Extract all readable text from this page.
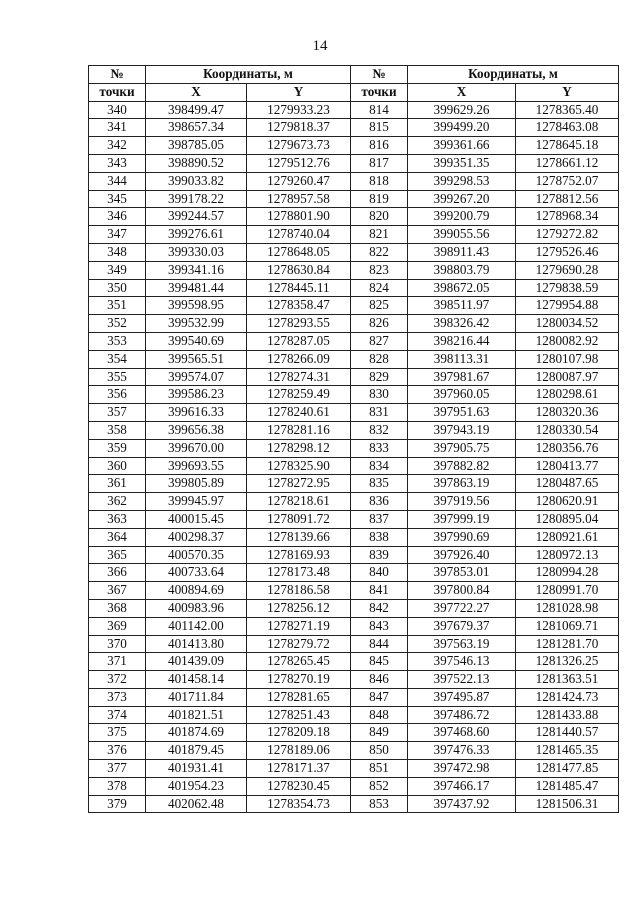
14
№	Координаты, м		№	Координаты, м	
точки	X	Y	точки	X	Y
340	398499.47	1279933.23	814	399629.26	1278365.40
341	398657.34	1279818.37	815	399499.20	1278463.08
342	398785.05	1279673.73	816	399361.66	1278645.18
343	398890.52	1279512.76	817	399351.35	1278661.12
344	399033.82	1279260.47	818	399298.53	1278752.07
345	399178.22	1278957.58	819	399267.20	1278812.56
346	399244.57	1278801.90	820	399200.79	1278968.34
347	399276.61	1278740.04	821	399055.56	1279272.82
348	399330.03	1278648.05	822	398911.43	1279526.46
349	399341.16	1278630.84	823	398803.79	1279690.28
350	399481.44	1278445.11	824	398672.05	1279838.59
351	399598.95	1278358.47	825	398511.97	1279954.88
352	399532.99	1278293.55	826	398326.42	1280034.52
353	399540.69	1278287.05	827	398216.44	1280082.92
354	399565.51	1278266.09	828	398113.31	1280107.98
355	399574.07	1278274.31	829	397981.67	1280087.97
356	399586.23	1278259.49	830	397960.05	1280298.61
357	399616.33	1278240.61	831	397951.63	1280320.36
358	399656.38	1278281.16	832	397943.19	1280330.54
359	399670.00	1278298.12	833	397905.75	1280356.76
360	399693.55	1278325.90	834	397882.82	1280413.77
361	399805.89	1278272.95	835	397863.19	1280487.65
362	399945.97	1278218.61	836	397919.56	1280620.91
363	400015.45	1278091.72	837	397999.19	1280895.04
364	400298.37	1278139.66	838	397990.69	1280921.61
365	400570.35	1278169.93	839	397926.40	1280972.13
366	400733.64	1278173.48	840	397853.01	1280994.28
367	400894.69	1278186.58	841	397800.84	1280991.70
368	400983.96	1278256.12	842	397722.27	1281028.98
369	401142.00	1278271.19	843	397679.37	1281069.71
370	401413.80	1278279.72	844	397563.19	1281281.70
371	401439.09	1278265.45	845	397546.13	1281326.25
372	401458.14	1278270.19	846	397522.13	1281363.51
373	401711.84	1278281.65	847	397495.87	1281424.73
374	401821.51	1278251.43	848	397486.72	1281433.88
375	401874.69	1278209.18	849	397468.60	1281440.57
376	401879.45	1278189.06	850	397476.33	1281465.35
377	401931.41	1278171.37	851	397472.98	1281477.85
378	401954.23	1278230.45	852	397466.17	1281485.47
379	402062.48	1278354.73	853	397437.92	1281506.31
